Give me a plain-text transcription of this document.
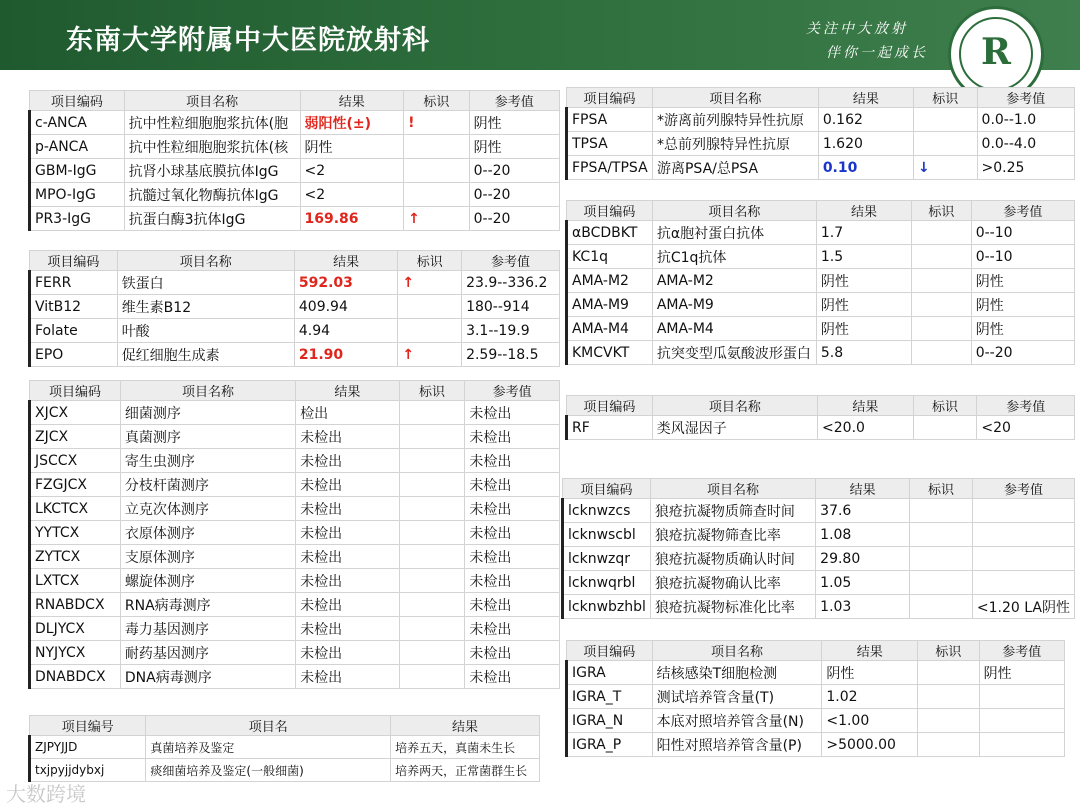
东南大学附属中大医院放射科	关注中大放射
伴你一起成长	R
项目编码	项目名称	结果	标识	参考值
c-ANCA	抗中性粒细胞胞浆抗体(胞	弱阳性(±)	!	阴性
p-ANCA	抗中性粒细胞胞浆抗体(核	阴性		阴性
GBM-IgG	抗肾小球基底膜抗体IgG	<2		0--20
MPO-IgG	抗髓过氧化物酶抗体IgG	<2		0--20
PR3-IgG	抗蛋白酶3抗体IgG	169.86	↑	0--20
项目编码	项目名称	结果	标识	参考值
FERR	铁蛋白	592.03	↑	23.9--336.2
VitB12	维生素B12	409.94		180--914
Folate	叶酸	4.94		3.1--19.9
EPO	促红细胞生成素	21.90	↑	2.59--18.5
项目编码	项目名称	结果	标识	参考值
XJCX	细菌测序	检出		未检出
ZJCX	真菌测序	未检出		未检出
JSCCX	寄生虫测序	未检出		未检出
FZGJCX	分枝杆菌测序	未检出		未检出
LKCTCX	立克次体测序	未检出		未检出
YYTCX	衣原体测序	未检出		未检出
ZYTCX	支原体测序	未检出		未检出
LXTCX	螺旋体测序	未检出		未检出
RNABDCX	RNA病毒测序	未检出		未检出
DLJYCX	毒力基因测序	未检出		未检出
NYJYCX	耐药基因测序	未检出		未检出
DNABDCX	DNA病毒测序	未检出		未检出
项目编号	项目名	结果
ZJPYJJD	真菌培养及鉴定	培养五天，真菌未生长
txjpyjjdybxj	痰细菌培养及鉴定(一般细菌)	培养两天，正常菌群生长
项目编码	项目名称	结果	标识	参考值
FPSA	*游离前列腺特异性抗原	0.162		0.0--1.0
TPSA	*总前列腺特异性抗原	1.620		0.0--4.0
FPSA/TPSA	游离PSA/总PSA	0.10	↓	>0.25
项目编码	项目名称	结果	标识	参考值
αBCDBKT	抗α胞衬蛋白抗体	1.7		0--10
KC1q	抗C1q抗体	1.5		0--10
AMA-M2	AMA-M2	阴性		阴性
AMA-M9	AMA-M9	阴性		阴性
AMA-M4	AMA-M4	阴性		阴性
KMCVKT	抗突变型瓜氨酸波形蛋白	5.8		0--20
项目编码	项目名称	结果	标识	参考值
RF	类风湿因子	<20.0		<20
项目编码	项目名称	结果	标识	参考值
lcknwzcs	狼疮抗凝物质筛查时间	37.6		
lcknwscbl	狼疮抗凝物筛查比率	1.08		
lcknwzqr	狼疮抗凝物质确认时间	29.80		
lcknwqrbl	狼疮抗凝物确认比率	1.05		
lcknwbzhbl	狼疮抗凝物标准化比率	1.03		<1.20 LA阴性
项目编码	项目名称	结果	标识	参考值
IGRA	结核感染T细胞检测	阴性		阴性
IGRA_T	测试培养管含量(T)	1.02		
IGRA_N	本底对照培养管含量(N)	<1.00		
IGRA_P	阳性对照培养管含量(P)	>5000.00		
大数跨境
